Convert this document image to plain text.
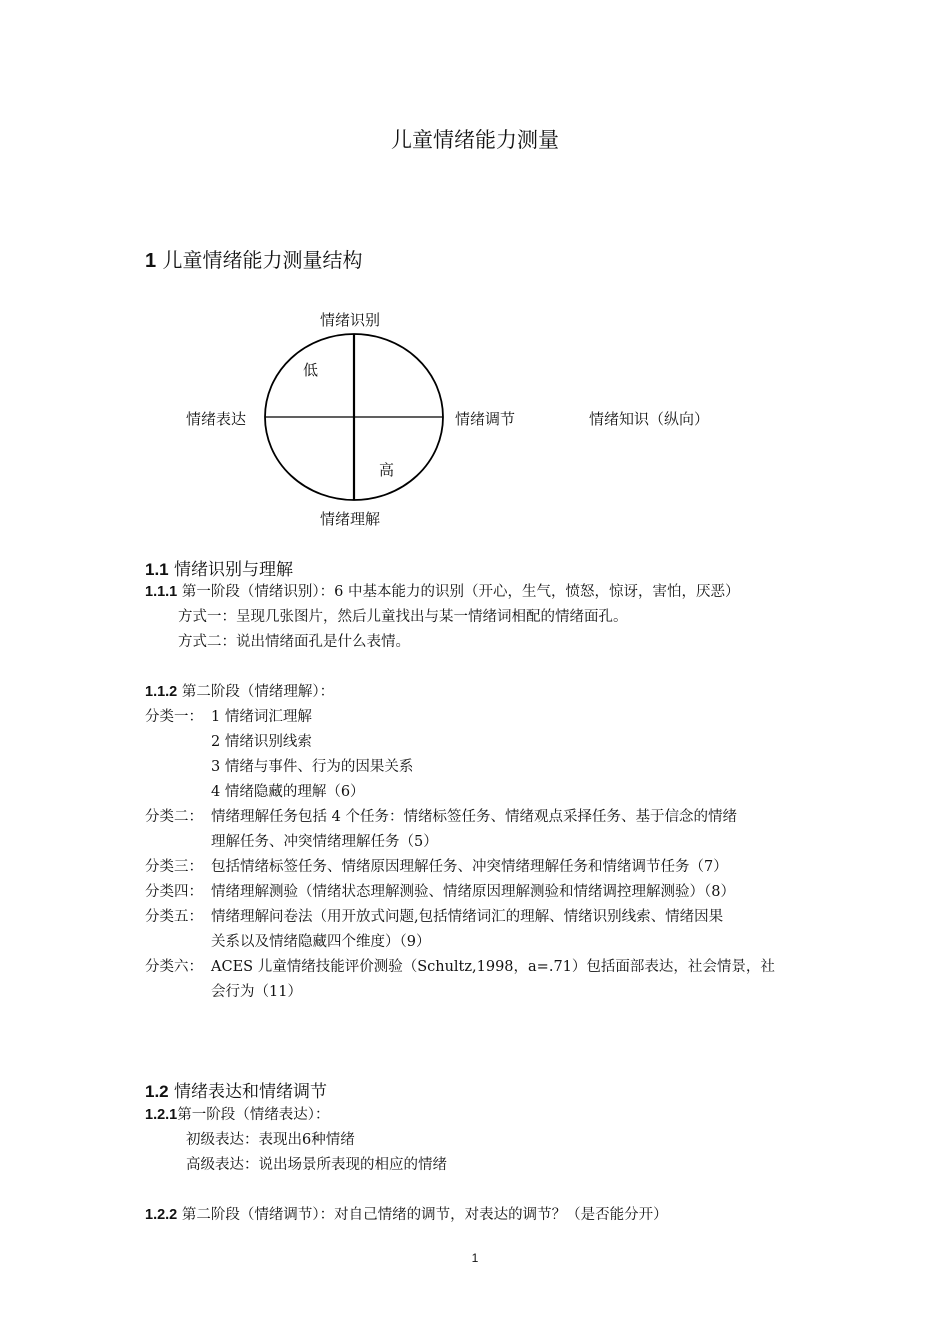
儿童情绪能力测量
1 儿童情绪能力测量结构
情绪识别
情绪理解
情绪表达	情绪调节	情绪知识（纵向）
低
高
1.1 情绪识别与理解
1.1.1 第一阶段（情绪识别）：6 中基本能力的识别（开心，生气，愤怒，惊讶，害怕，厌恶）
方式一：呈现几张图片，然后儿童找出与某一情绪词相配的情绪面孔。
方式二：说出情绪面孔是什么表情。
1.1.2 第二阶段（情绪理解）：
分类一： 1 情绪词汇理解
2 情绪识别线索
3 情绪与事件、行为的因果关系
4 情绪隐藏的理解（6）
分类二： 情绪理解任务包括 4 个任务：情绪标签任务、情绪观点采择任务、基于信念的情绪
理解任务、冲突情绪理解任务（5）
分类三： 包括情绪标签任务、情绪原因理解任务、冲突情绪理解任务和情绪调节任务（7）
分类四： 情绪理解测验（情绪状态理解测验、情绪原因理解测验和情绪调控理解测验）（8）
分类五： 情绪理解问卷法（用开放式问题,包括情绪词汇的理解、情绪识别线索、情绪因果
关系以及情绪隐藏四个维度）（9）
分类六： ACES 儿童情绪技能评价测验（Schultz,1998，a=.71）包括面部表达，社会情景，社
会行为（11）
1.2 情绪表达和情绪调节
1.2.1第一阶段（情绪表达）：
初级表达：表现出6种情绪
高级表达：说出场景所表现的相应的情绪
1.2.2 第二阶段（情绪调节）：对自己情绪的调节，对表达的调节？（是否能分开）
1
